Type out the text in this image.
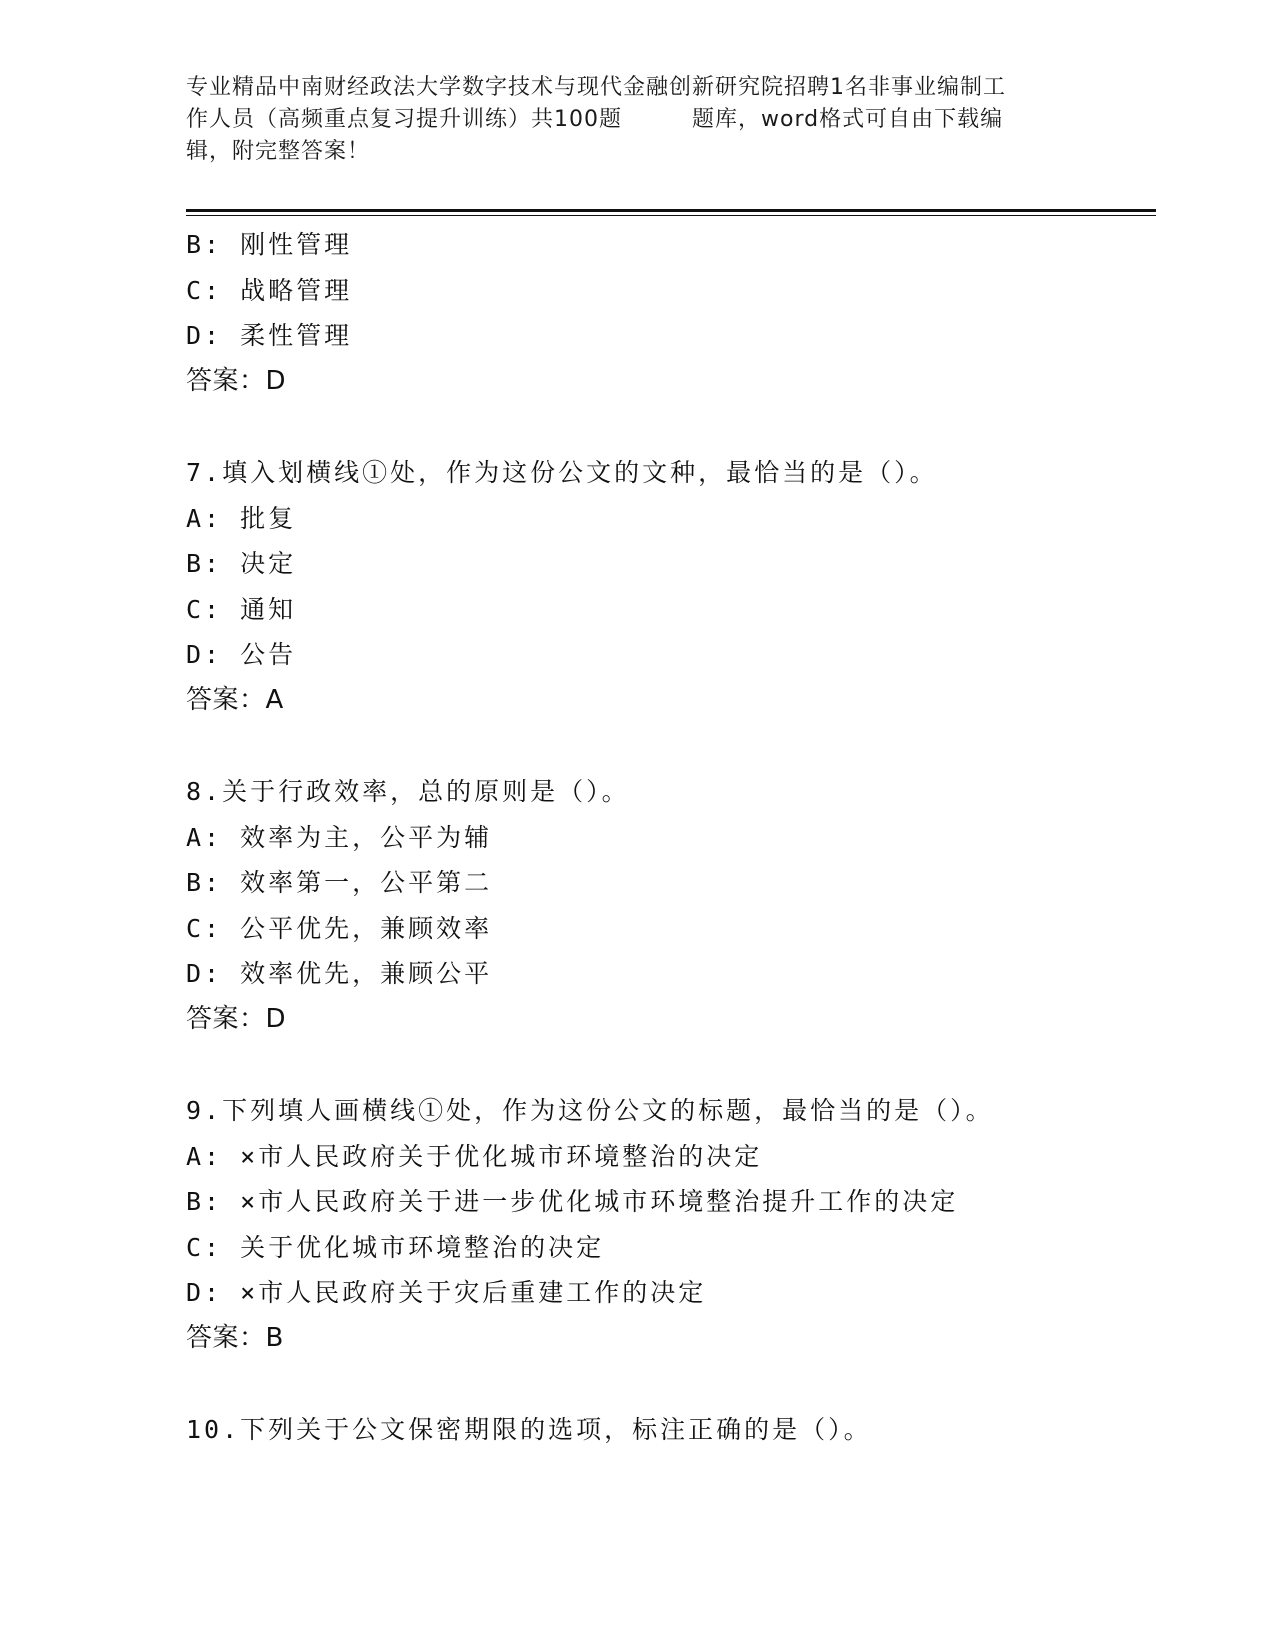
专业精品中南财经政法大学数字技术与现代金融创新研究院招聘1名非事业编制工
作人员（高频重点复习提升训练）共100题	题库，word格式可自由下载编
辑，附完整答案！
B: 刚性管理
C: 战略管理
D: 柔性管理
答案：D
7.填入划横线①处，作为这份公文的文种，最恰当的是（）。
A: 批复
B: 决定
C: 通知
D: 公告
答案：A
8.关于行政效率，总的原则是（）。
A: 效率为主，公平为辅
B: 效率第一，公平第二
C: 公平优先，兼顾效率
D: 效率优先，兼顾公平
答案：D
9.下列填人画横线①处，作为这份公文的标题，最恰当的是（）。
A: ×市人民政府关于优化城市环境整治的决定
B: ×市人民政府关于进一步优化城市环境整治提升工作的决定
C: 关于优化城市环境整治的决定
D: ×市人民政府关于灾后重建工作的决定
答案：B
10.下列关于公文保密期限的选项，标注正确的是（）。
